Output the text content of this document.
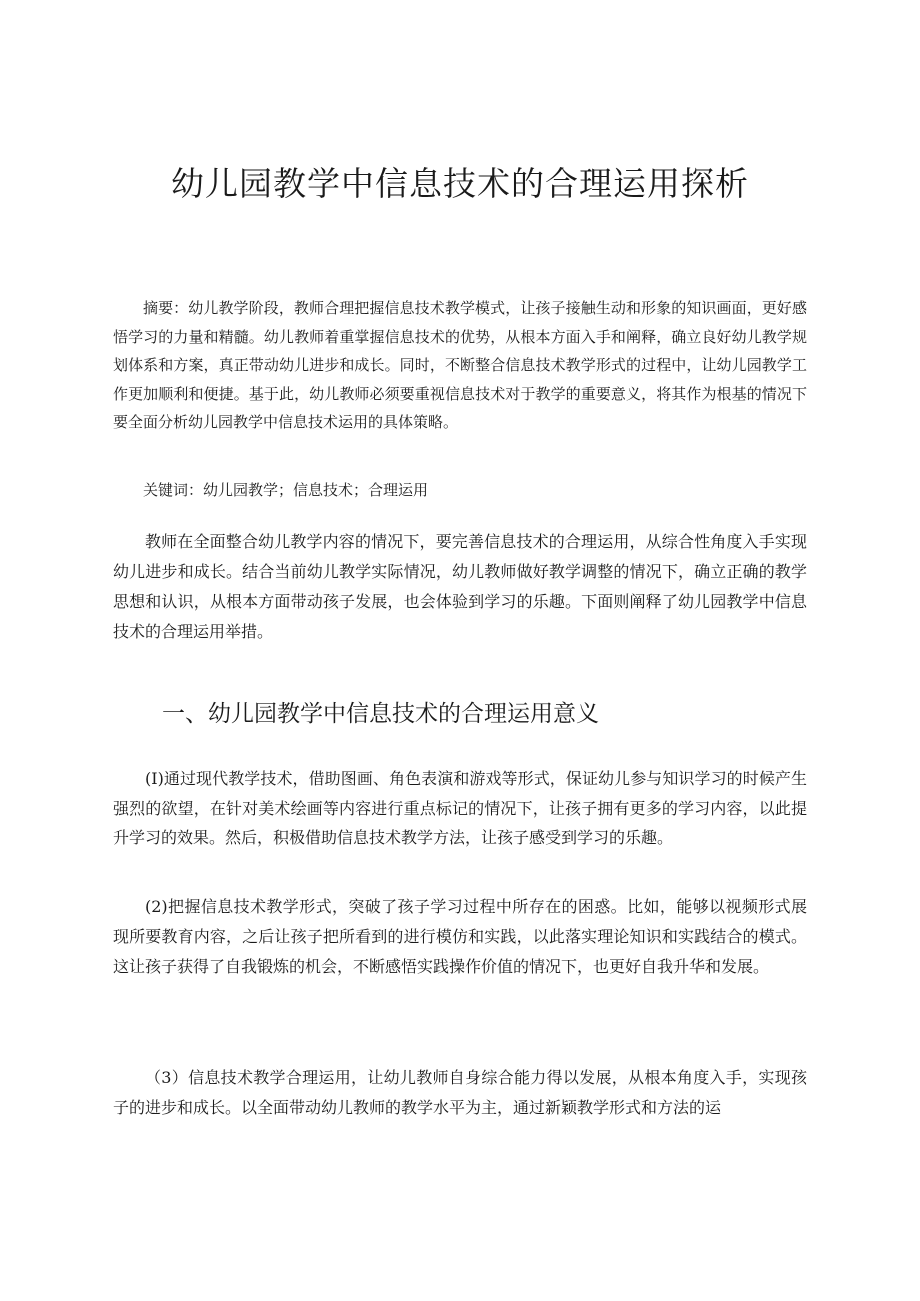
幼儿园教学中信息技术的合理运用探析

摘要：幼儿教学阶段，教师合理把握信息技术教学模式，让孩子接触生动和形象的知识画面，更好感悟学习的力量和精髓。幼儿教师着重掌握信息技术的优势，从根本方面入手和阐释，确立良好幼儿教学规划体系和方案，真正带动幼儿进步和成长。同时，不断整合信息技术教学形式的过程中，让幼儿园教学工作更加顺利和便捷。基于此，幼儿教师必须要重视信息技术对于教学的重要意义，将其作为根基的情况下要全面分析幼儿园教学中信息技术运用的具体策略。

关键词：幼儿园教学；信息技术；合理运用

教师在全面整合幼儿教学内容的情况下，要完善信息技术的合理运用，从综合性角度入手实现幼儿进步和成长。结合当前幼儿教学实际情况，幼儿教师做好教学调整的情况下，确立正确的教学思想和认识，从根本方面带动孩子发展，也会体验到学习的乐趣。下面则阐释了幼儿园教学中信息技术的合理运用举措。

一、幼儿园教学中信息技术的合理运用意义

(I)通过现代教学技术，借助图画、角色表演和游戏等形式，保证幼儿参与知识学习的时候产生强烈的欲望，在针对美术绘画等内容进行重点标记的情况下，让孩子拥有更多的学习内容，以此提升学习的效果。然后，积极借助信息技术教学方法，让孩子感受到学习的乐趣。

(2)把握信息技术教学形式，突破了孩子学习过程中所存在的困惑。比如，能够以视频形式展现所要教育内容，之后让孩子把所看到的进行模仿和实践，以此落实理论知识和实践结合的模式。这让孩子获得了自我锻炼的机会，不断感悟实践操作价值的情况下，也更好自我升华和发展。

（3）信息技术教学合理运用，让幼儿教师自身综合能力得以发展，从根本角度入手，实现孩子的进步和成长。以全面带动幼儿教师的教学水平为主，通过新颖教学形式和方法的运
